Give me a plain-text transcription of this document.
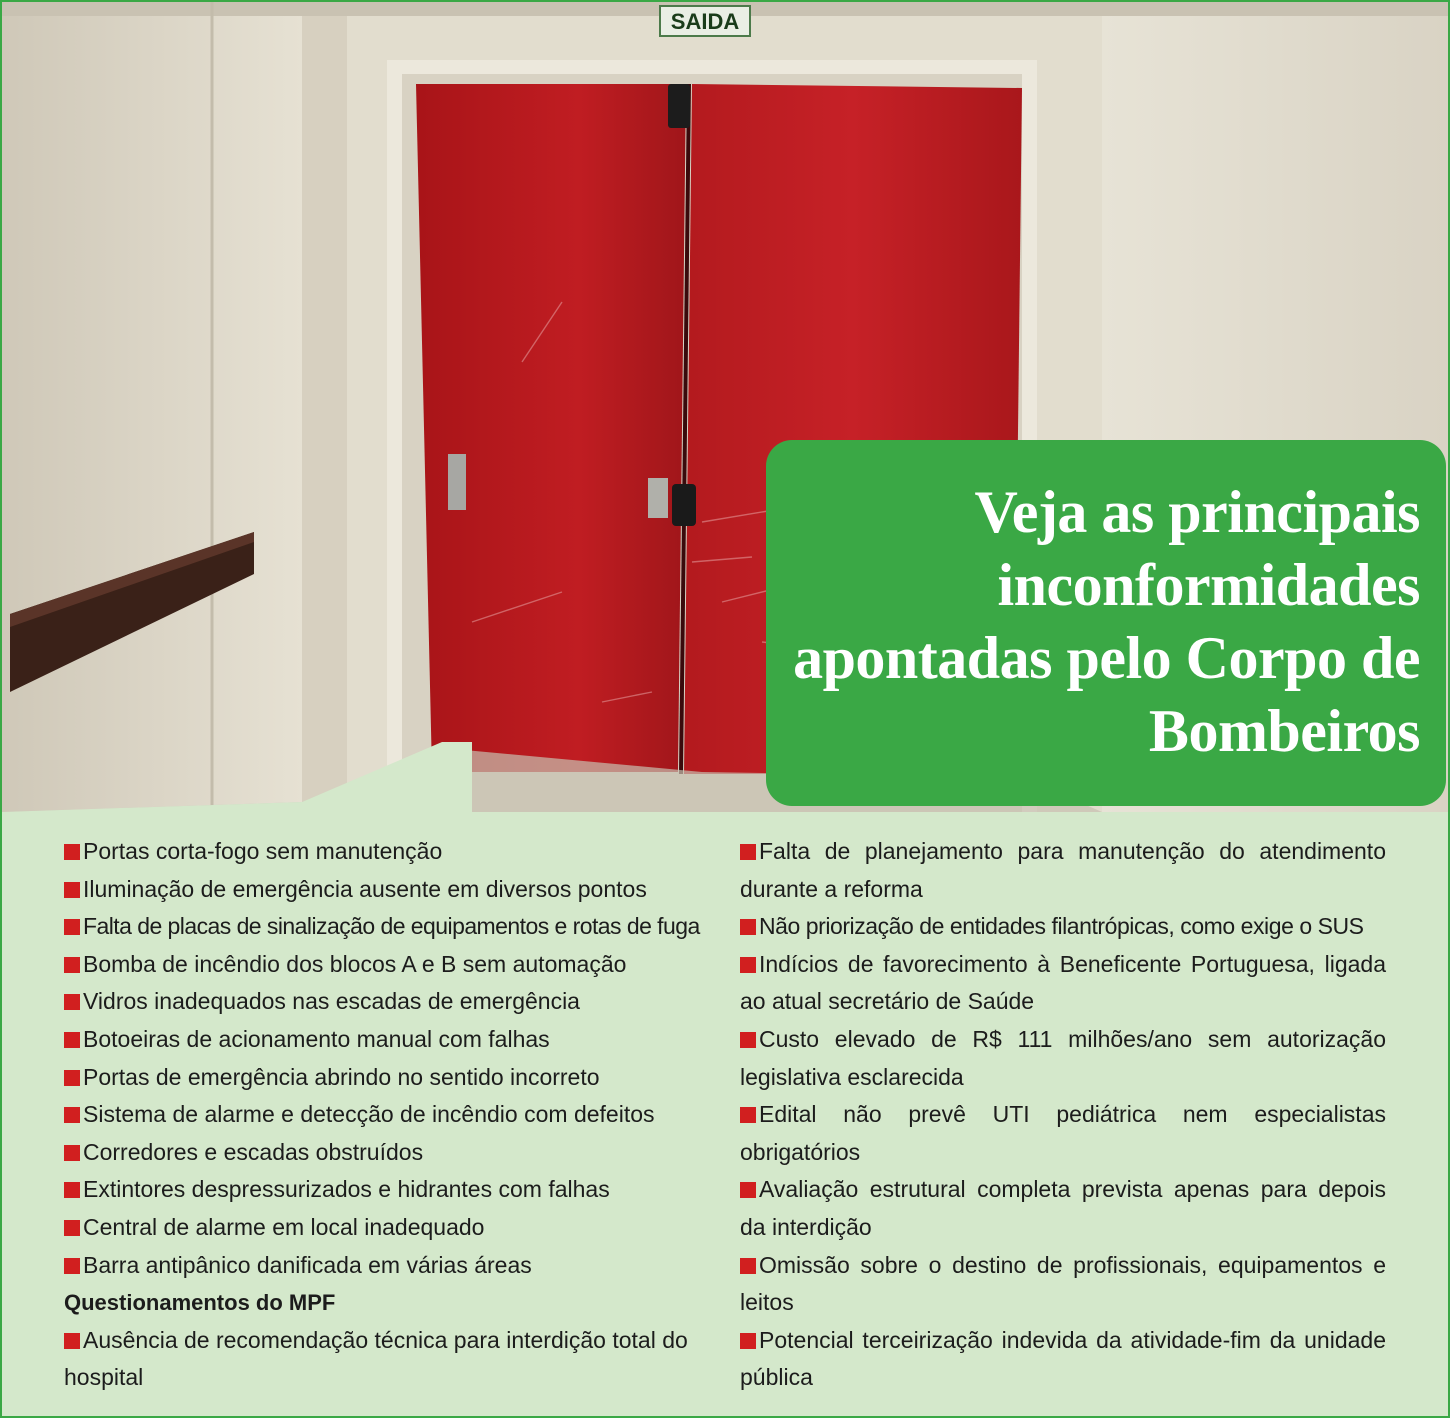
SAIDA
Veja as principais inconformidades apontadas pelo Corpo de Bombeiros
Portas corta-fogo sem manutenção
Iluminação de emergência ausente em diversos pontos
Falta de placas de sinalização de equipamentos e rotas de fuga
Bomba de incêndio dos blocos A e B sem automação
Vidros inadequados nas escadas de emergência
Botoeiras de acionamento manual com falhas
Portas de emergência abrindo no sentido incorreto
Sistema de alarme e detecção de incêndio com defeitos
Corredores e escadas obstruídos
Extintores despressurizados e hidrantes com falhas
Central de alarme em local inadequado
Barra antipânico danificada em várias áreas
Questionamentos do MPF
Ausência de recomendação técnica para interdição total do hospital
Falta de planejamento para manutenção do atendimento durante a reforma
Não priorização de entidades filantrópicas, como exige o SUS
Indícios de favorecimento à Beneficente Portuguesa, ligada ao atual secretário de Saúde
Custo elevado de R$ 111 milhões/ano sem autorização legislativa esclarecida
Edital não prevê UTI pediátrica nem especialistas obrigatórios
Avaliação estrutural completa prevista apenas para depois da interdição
Omissão sobre o destino de profissionais, equipamentos e leitos
Potencial terceirização indevida da atividade-fim da unidade pública
